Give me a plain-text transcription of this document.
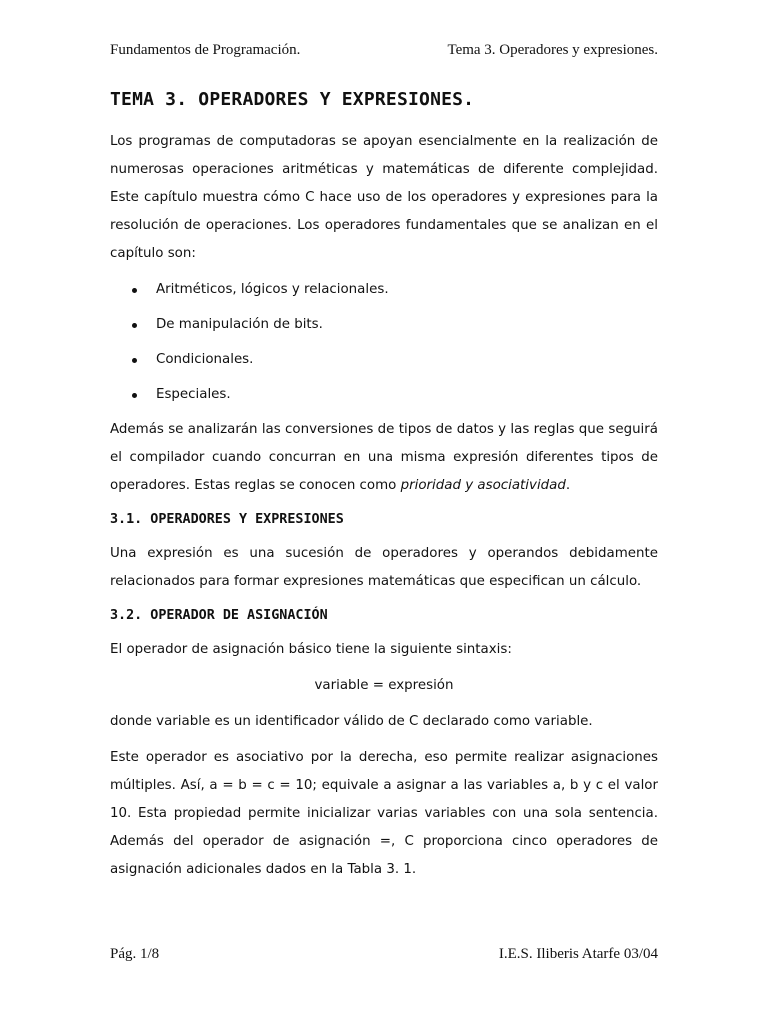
Fundamentos de Programación.	Tema 3. Operadores y expresiones.
TEMA 3. OPERADORES Y EXPRESIONES.

Los programas de computadoras se apoyan esencialmente en la realización de numerosas operaciones aritméticas y matemáticas de diferente complejidad. Este capítulo muestra cómo C hace uso de los operadores y expresiones para la resolución de operaciones. Los operadores fundamentales que se analizan en el capítulo son:

Aritméticos, lógicos y relacionales.
De manipulación de bits.
Condicionales.
Especiales.

Además se analizarán las conversiones de tipos de datos y las reglas que seguirá el compilador cuando concurran en una misma expresión diferentes tipos de operadores. Estas reglas se conocen como prioridad y asociatividad.

3.1. OPERADORES Y EXPRESIONES

Una expresión es una sucesión de operadores y operandos debidamente relacionados para formar expresiones matemáticas que especifican un cálculo.

3.2. OPERADOR DE ASIGNACIÓN

El operador de asignación básico tiene la siguiente sintaxis:

variable = expresión

donde variable es un identificador válido de C declarado como variable.

Este operador es asociativo por la derecha, eso permite realizar asignaciones múltiples. Así, a = b = c = 10; equivale a asignar a las variables a, b y c el valor 10. Esta propiedad permite inicializar varias variables con una sola sentencia. Además del operador de asignación =, C proporciona cinco operadores de asignación adicionales dados en la Tabla 3. 1.

Pág. 1/8	I.E.S. Iliberis Atarfe 03/04
